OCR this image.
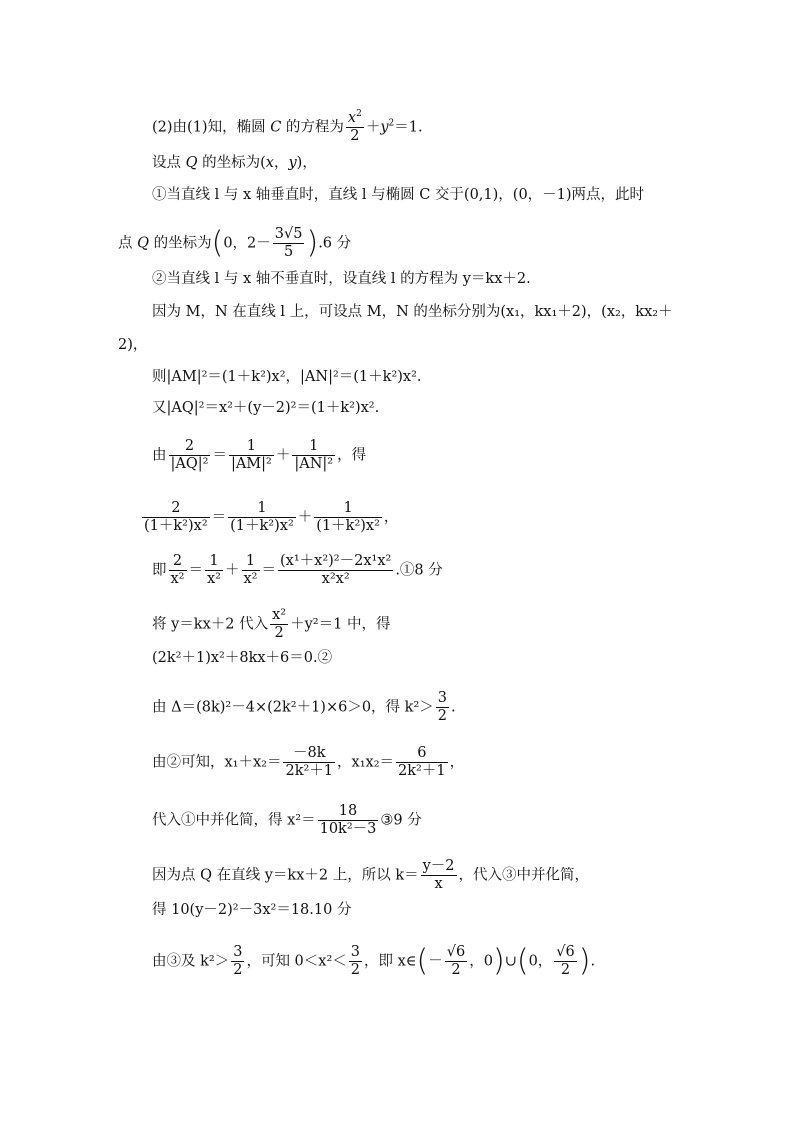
(2)由(1)知，椭圆 C 的方程为 $\frac{x^2}{2} +y^2=1$.
设点 Q 的坐标为(x，y)，
①当直线 l 与 x 轴垂直时，直线 l 与椭圆 C 交于(0,1)，(0，－1)两点，此时
点 Q 的坐标为(0，$2- \frac{3√5}{5} ).6$ 分
②当直线 l 与 x 轴不垂直时，设直线 l 的方程为 y＝kx＋2.
因为 M，N 在直线 l 上，可设点 M，N 的坐标分别为(x₁，kx₁＋2)，(x₂，kx₂＋
2)，
则|AM|²＝(1＋k²)x²，|AN|²＝(1＋k²)x².
又|AQ|²＝x²＋(y－2)²＝(1＋k²)x².
由 $\frac{2}{\text{|AQ|²}} = \frac{1}{\text{|AM|²}} + \frac{1}{\text{|AN|²}}$ ，得
$\frac{2}{\text{(1＋k²)x²}} = \frac{1}{\text{(1＋k²)x²}} + \frac{1}{\text{(1＋k²)x²}}$ ，
即 $\frac{2}{\text{x²}} = \frac{1}{\text{x²}} + \frac{1}{\text{x²}} = \frac{\text{(x¹＋x²)²－2x¹x²}}{\text{x²x²}}$ .①8 分
将 y＝kx＋2 代入 $\frac{\text{x²}}{2} +y^2=1$ 中，得
(2k²＋1)x²＋8kx＋6＝0.②
由 Δ＝(8k)²－4×(2k²＋1)×6＞0，得 $k^2> \frac{3}{2}$ .
由②可知，$x_1+x_2= \frac{-8k}{\text{2k²＋1}}$ ，$x_1x_2= \frac{6}{\text{2k²＋1}}$ ，
代入①中并化简，得 $x^2= \frac{18}{\text{10k²－3}}$ ③9 分
因为点 Q 在直线 y＝kx＋2 上，所以 $k= \frac{y-2}{x}$ ，代入③中并化简，
得 10(y－2)²－3x²＝18.10 分
由③及 $k^2> \frac{3}{2}$ ，可知 $0<x^2< \frac{3}{2}$ ，即 x∈(－ $\frac{√6}{2}$ ，0)∪(0， $\frac{√6}{2}$ ).
